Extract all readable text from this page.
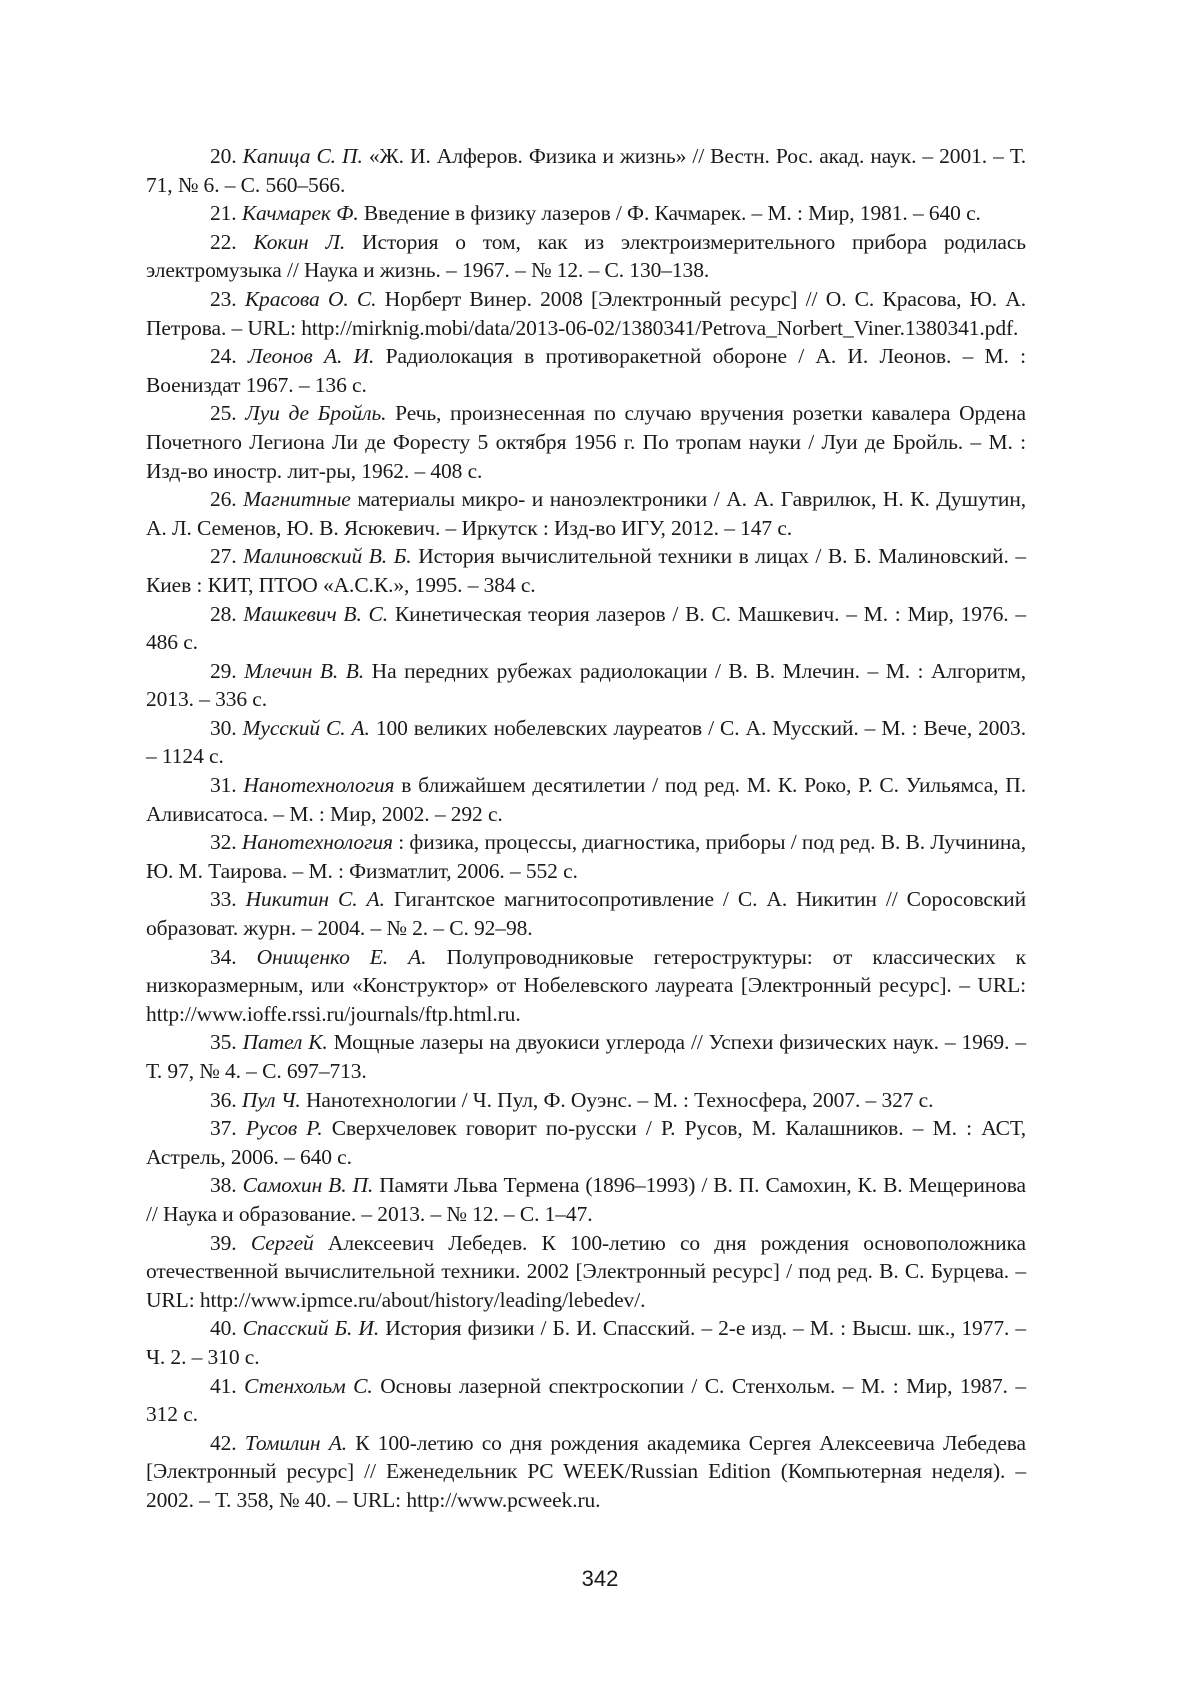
20. Капица С. П. «Ж. И. Алферов. Физика и жизнь» // Вестн. Рос. акад. наук. – 2001. – Т. 71, № 6. – С. 560–566.

21. Качмарек Ф. Введение в физику лазеров / Ф. Качмарек. – М. : Мир, 1981. – 640 с.

22. Кокин Л. История о том, как из электроизмерительного прибора родилась электромузыка // Наука и жизнь. – 1967. – № 12. – С. 130–138.

23. Красова О. С. Норберт Винер. 2008 [Электронный ресурс] // О. С. Красова, Ю. А. Петрова. – URL: http://mirknig.mobi/data/2013-06-02/1380341/Petrova_Norbert_Viner.1380341.pdf.

24. Леонов А. И. Радиолокация в противоракетной обороне / А. И. Леонов. – М. : Воениздат 1967. – 136 с.

25. Луи де Бройль. Речь, произнесенная по случаю вручения розетки кавалера Ордена Почетного Легиона Ли де Форесту 5 октября 1956 г. По тропам науки / Луи де Бройль. – М. : Изд-во иностр. лит-ры, 1962. – 408 с.

26. Магнитные материалы микро- и наноэлектроники / А. А. Гаврилюк, Н. К. Душутин, А. Л. Семенов, Ю. В. Ясюкевич. – Иркутск : Изд-во ИГУ, 2012. – 147 с.

27. Малиновский В. Б. История вычислительной техники в лицах / В. Б. Малиновский. – Киев : КИТ, ПТОО «А.С.К.», 1995. – 384 с.

28. Машкевич В. С. Кинетическая теория лазеров / В. С. Машкевич. – М. : Мир, 1976. – 486 с.

29. Млечин В. В. На передних рубежах радиолокации / В. В. Млечин. – М. : Алгоритм, 2013. – 336 с.

30. Мусский С. А. 100 великих нобелевских лауреатов / С. А. Мусский. – М. : Вече, 2003. – 1124 с.

31. Нанотехнология в ближайшем десятилетии / под ред. М. К. Роко, Р. С. Уильямса, П. Аливисатоса. – М. : Мир, 2002. – 292 с.

32. Нанотехнология : физика, процессы, диагностика, приборы / под ред. В. В. Лучинина, Ю. М. Таирова. – М. : Физматлит, 2006. – 552 с.

33. Никитин С. А. Гигантское магнитосопротивление / С. А. Никитин // Соросовский образоват. журн. – 2004. – № 2. – С. 92–98.

34. Онищенко Е. А. Полупроводниковые гетероструктуры: от классических к низкоразмерным, или «Конструктор» от Нобелевского лауреата [Электронный ресурс]. – URL: http://www.ioffe.rssi.ru/journals/ftp.html.ru.

35. Пател К. Мощные лазеры на двуокиси углерода // Успехи физических наук. – 1969. – Т. 97, № 4. – С. 697–713.

36. Пул Ч. Нанотехнологии / Ч. Пул, Ф. Оуэнс. – М. : Техносфера, 2007. – 327 с.

37. Русов Р. Сверхчеловек говорит по-русски / Р. Русов, М. Калашников. – М. : АСТ, Астрель, 2006. – 640 с.

38. Самохин В. П. Памяти Льва Термена (1896–1993) / В. П. Самохин, К. В. Мещеринова // Наука и образование. – 2013. – № 12. – С. 1–47.

39. Сергей Алексеевич Лебедев. К 100-летию со дня рождения основоположника отечественной вычислительной техники. 2002 [Электронный ресурс] / под ред. В. С. Бурцева. – URL: http://www.ipmce.ru/about/history/leading/lebedev/.

40. Спасский Б. И. История физики / Б. И. Спасский. – 2-е изд. – М. : Высш. шк., 1977. – Ч. 2. – 310 с.

41. Стенхольм С. Основы лазерной спектроскопии / С. Стенхольм. – М. : Мир, 1987. – 312 с.

42. Томилин А. К 100-летию со дня рождения академика Сергея Алексеевича Лебедева [Электронный ресурс] // Еженедельник PC WEEK/Russian Edition (Компьютерная неделя). – 2002. – Т. 358, № 40. – URL: http://www.pcweek.ru.

342
